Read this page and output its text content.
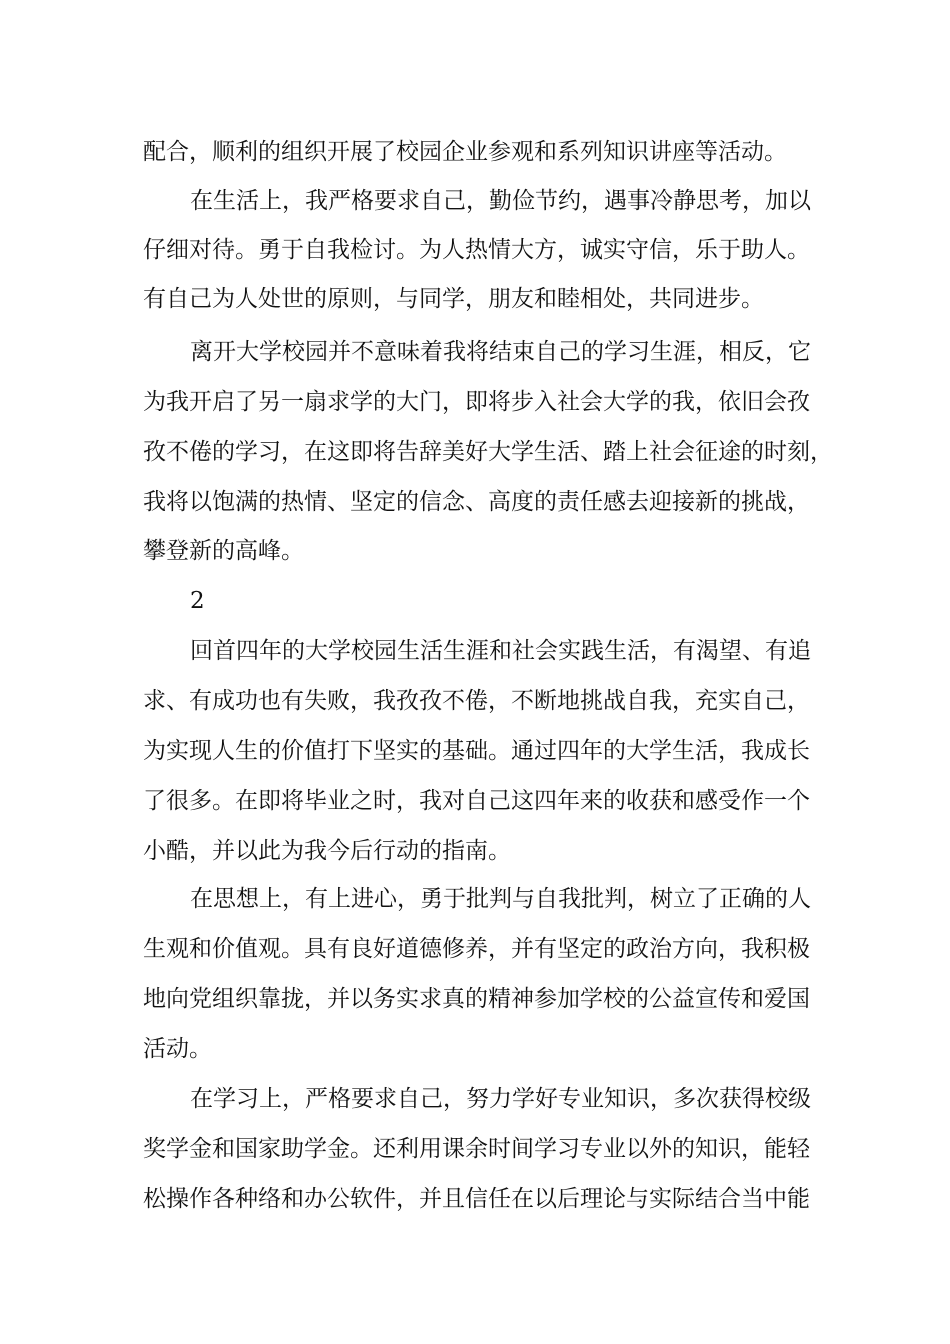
配合，顺利的组织开展了校园企业参观和系列知识讲座等活动。
在生活上，我严格要求自己，勤俭节约，遇事冷静思考，加以
仔细对待。勇于自我检讨。为人热情大方，诚实守信，乐于助人。
有自己为人处世的原则，与同学，朋友和睦相处，共同进步。
离开大学校园并不意味着我将结束自己的学习生涯，相反，它
为我开启了另一扇求学的大门，即将步入社会大学的我，依旧会孜
孜不倦的学习，在这即将告辞美好大学生活、踏上社会征途的时刻，
我将以饱满的热情、坚定的信念、高度的责任感去迎接新的挑战，
攀登新的高峰。
2
回首四年的大学校园生活生涯和社会实践生活，有渴望、有追
求、有成功也有失败，我孜孜不倦，不断地挑战自我，充实自己，
为实现人生的价值打下坚实的基础。通过四年的大学生活，我成长
了很多。在即将毕业之时，我对自己这四年来的收获和感受作一个
小酷，并以此为我今后行动的指南。
在思想上，有上进心，勇于批判与自我批判，树立了正确的人
生观和价值观。具有良好道德修养，并有坚定的政治方向，我积极
地向党组织靠拢，并以务实求真的精神参加学校的公益宣传和爱国
活动。
在学习上，严格要求自己，努力学好专业知识，多次获得校级
奖学金和国家助学金。还利用课余时间学习专业以外的知识，能轻
松操作各种络和办公软件，并且信任在以后理论与实际结合当中能
